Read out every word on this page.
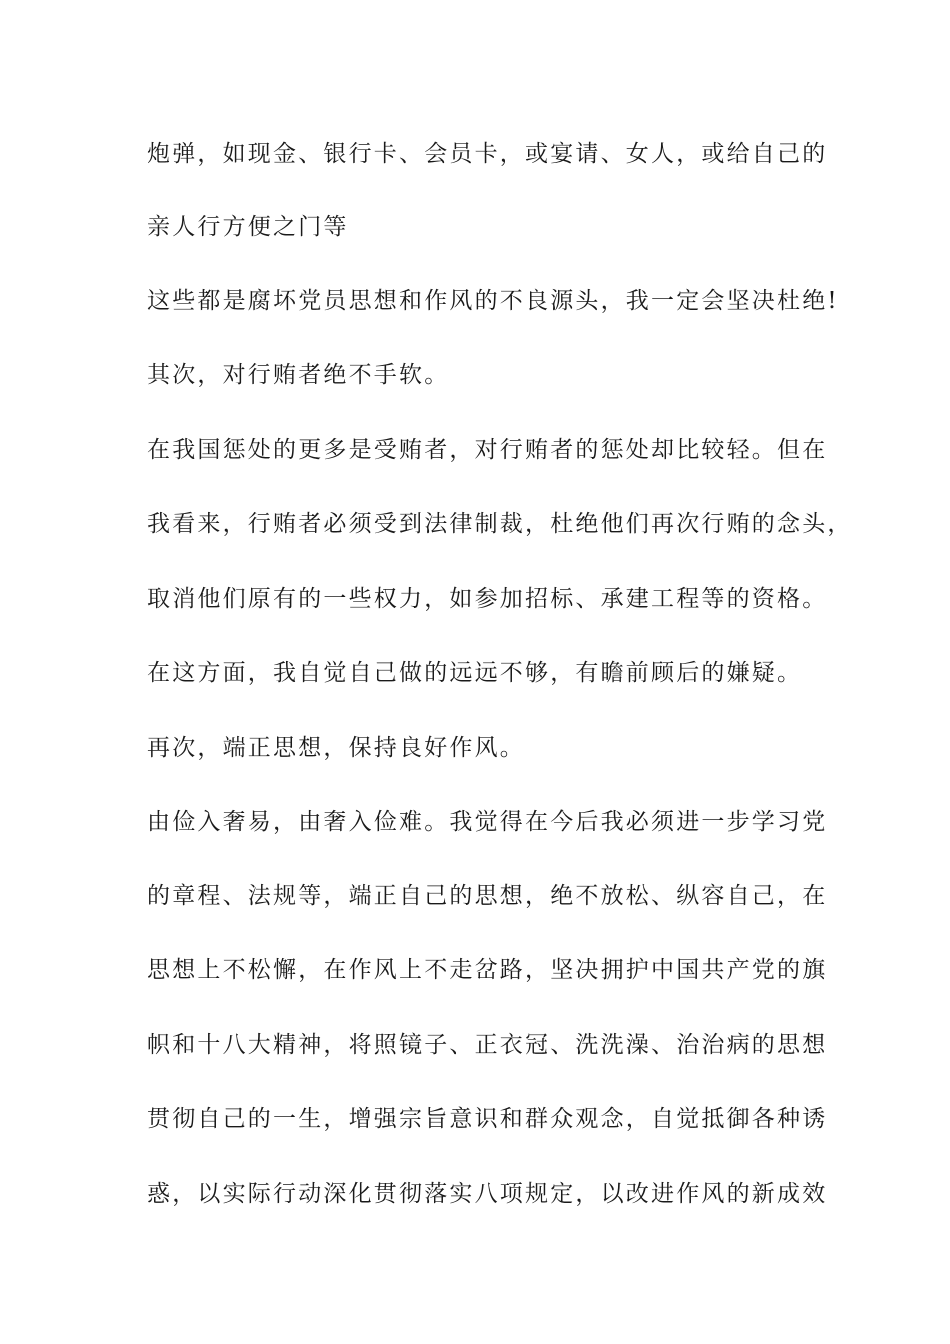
炮弹，如现金、银行卡、会员卡，或宴请、女人，或给自己的
亲人行方便之门等
这些都是腐坏党员思想和作风的不良源头，我一定会坚决杜绝!
其次，对行贿者绝不手软。
在我国惩处的更多是受贿者，对行贿者的惩处却比较轻。但在
我看来，行贿者必须受到法律制裁，杜绝他们再次行贿的念头，
取消他们原有的一些权力，如参加招标、承建工程等的资格。
在这方面，我自觉自己做的远远不够，有瞻前顾后的嫌疑。
再次，端正思想，保持良好作风。
由俭入奢易，由奢入俭难。我觉得在今后我必须进一步学习党
的章程、法规等，端正自己的思想，绝不放松、纵容自己，在
思想上不松懈，在作风上不走岔路，坚决拥护中国共产党的旗
帜和十八大精神，将照镜子、正衣冠、洗洗澡、治治病的思想
贯彻自己的一生，增强宗旨意识和群众观念，自觉抵御各种诱
惑，以实际行动深化贯彻落实八项规定，以改进作风的新成效
